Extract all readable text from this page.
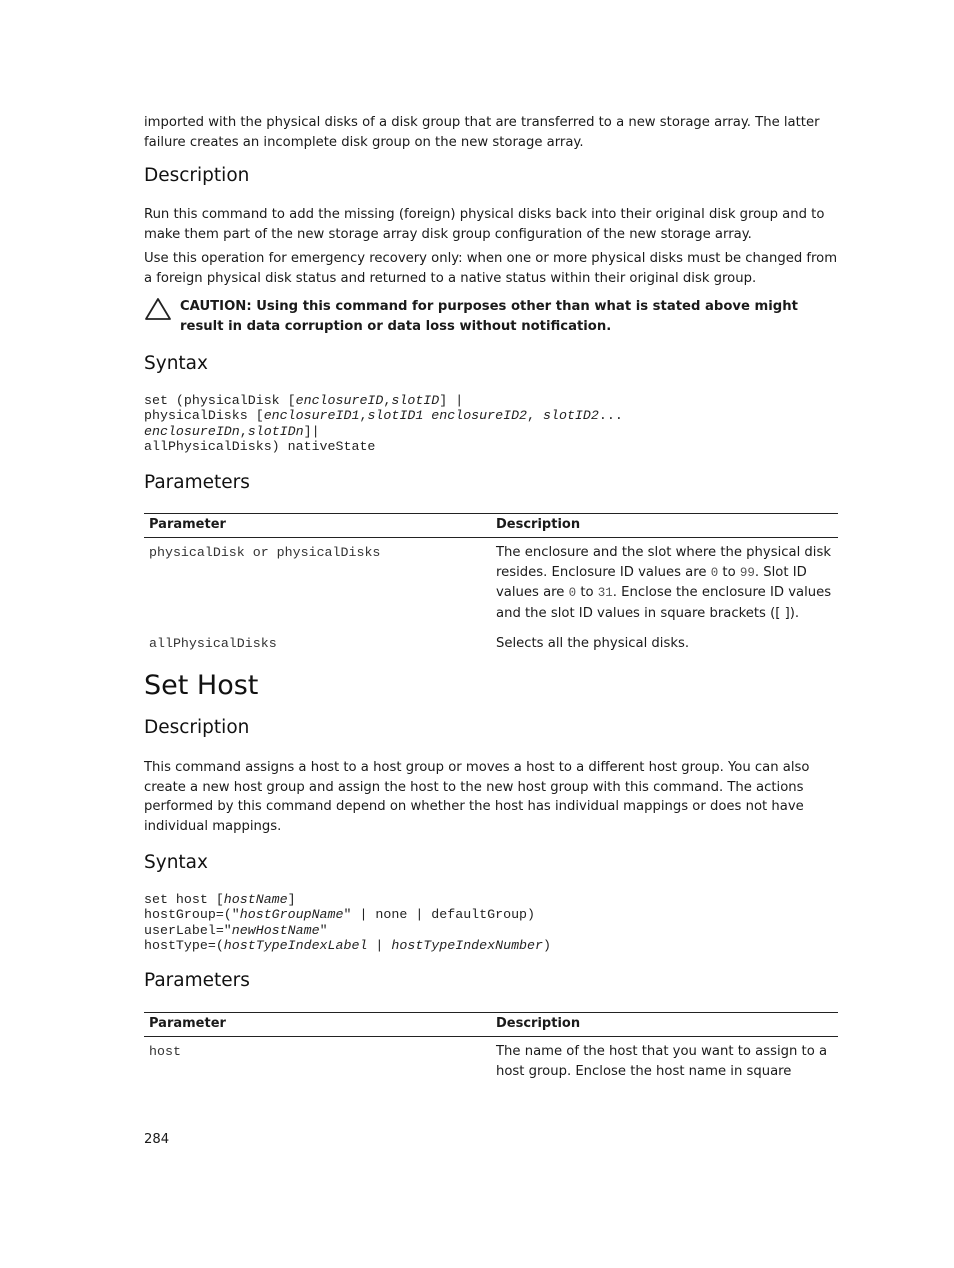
imported with the physical disks of a disk group that are transferred to a new storage array. The latter failure creates an incomplete disk group on the new storage array.
Description
Run this command to add the missing (foreign) physical disks back into their original disk group and to make them part of the new storage array disk group configuration of the new storage array.
Use this operation for emergency recovery only: when one or more physical disks must be changed from a foreign physical disk status and returned to a native status within their original disk group.
CAUTION: Using this command for purposes other than what is stated above might result in data corruption or data loss without notification.
Syntax
set (physicalDisk [enclosureID,slotID] |
physicalDisks [enclosureID1,slotID1 enclosureID2, slotID2...
enclosureIDn,slotIDn]|
allPhysicalDisks) nativeState
Parameters
Parameter	Description
physicalDisk or physicalDisks	The enclosure and the slot where the physical disk resides. Enclosure ID values are 0 to 99. Slot ID values are 0 to 31. Enclose the enclosure ID values and the slot ID values in square brackets ([ ]).
allPhysicalDisks	Selects all the physical disks.
Set Host
Description
This command assigns a host to a host group or moves a host to a different host group. You can also create a new host group and assign the host to the new host group with this command. The actions performed by this command depend on whether the host has individual mappings or does not have individual mappings.
Syntax
set host [hostName]
hostGroup=("hostGroupName" | none | defaultGroup)
userLabel="newHostName"
hostType=(hostTypeIndexLabel | hostTypeIndexNumber)
Parameters
Parameter	Description
host	The name of the host that you want to assign to a host group. Enclose the host name in square
284
